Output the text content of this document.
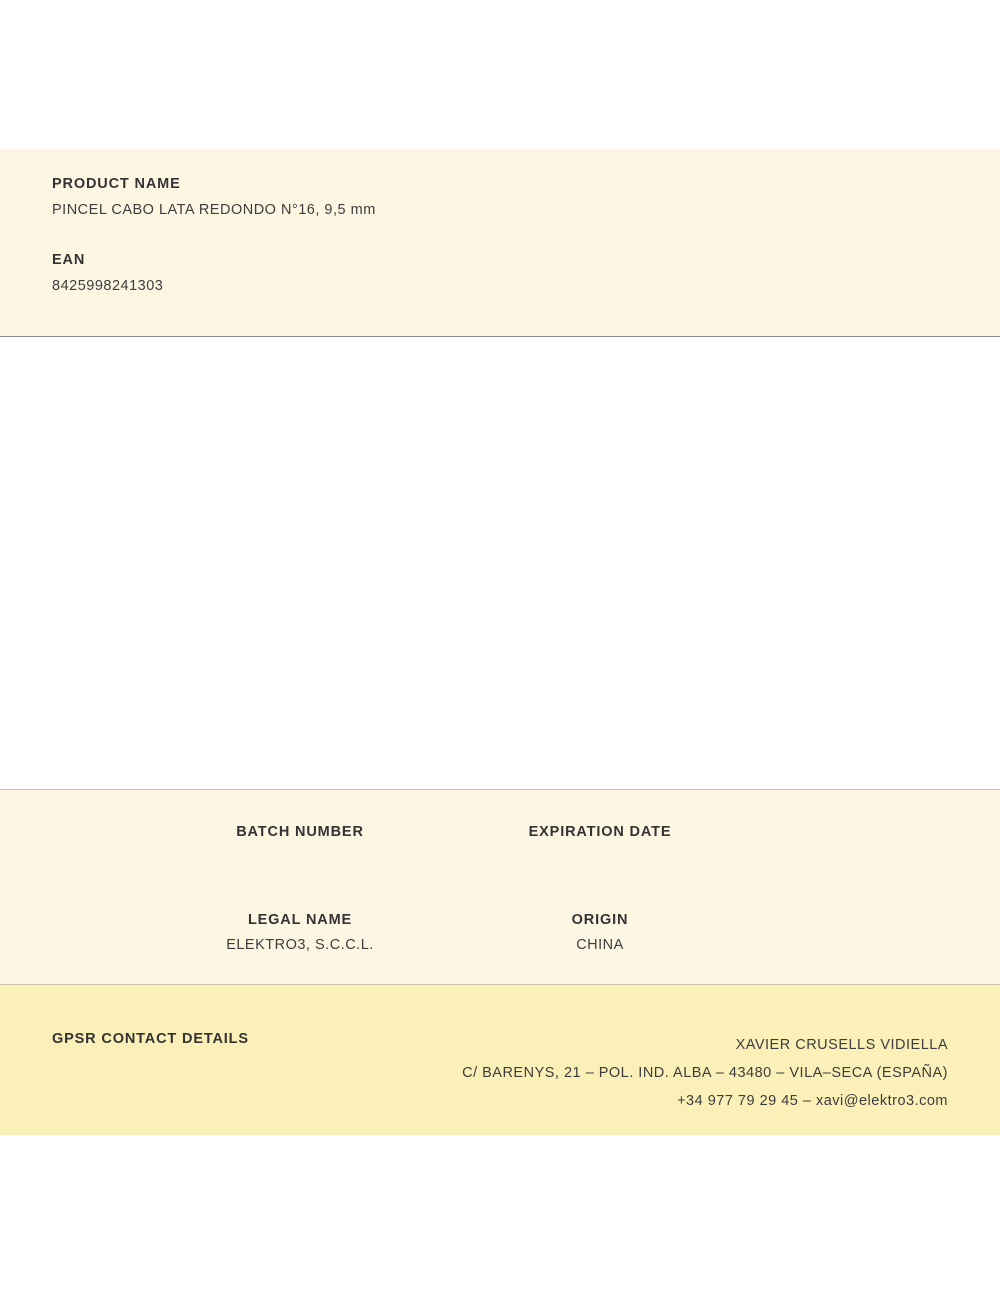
PRODUCT NAME

PINCEL CABO LATA REDONDO N°16, 9,5 mm

EAN

8425998241303

BATCH NUMBER	EXPIRATION DATE

LEGAL NAME

ELEKTRO3, S.C.C.L.

ORIGIN

CHINA

GPSR CONTACT DETAILS	XAVIER CRUSELLS VIDIELLA
C/ BARENYS, 21 – POL. IND. ALBA – 43480 – VILA–SECA (ESPAÑA)
+34 977 79 29 45 – xavi@elektro3.com
